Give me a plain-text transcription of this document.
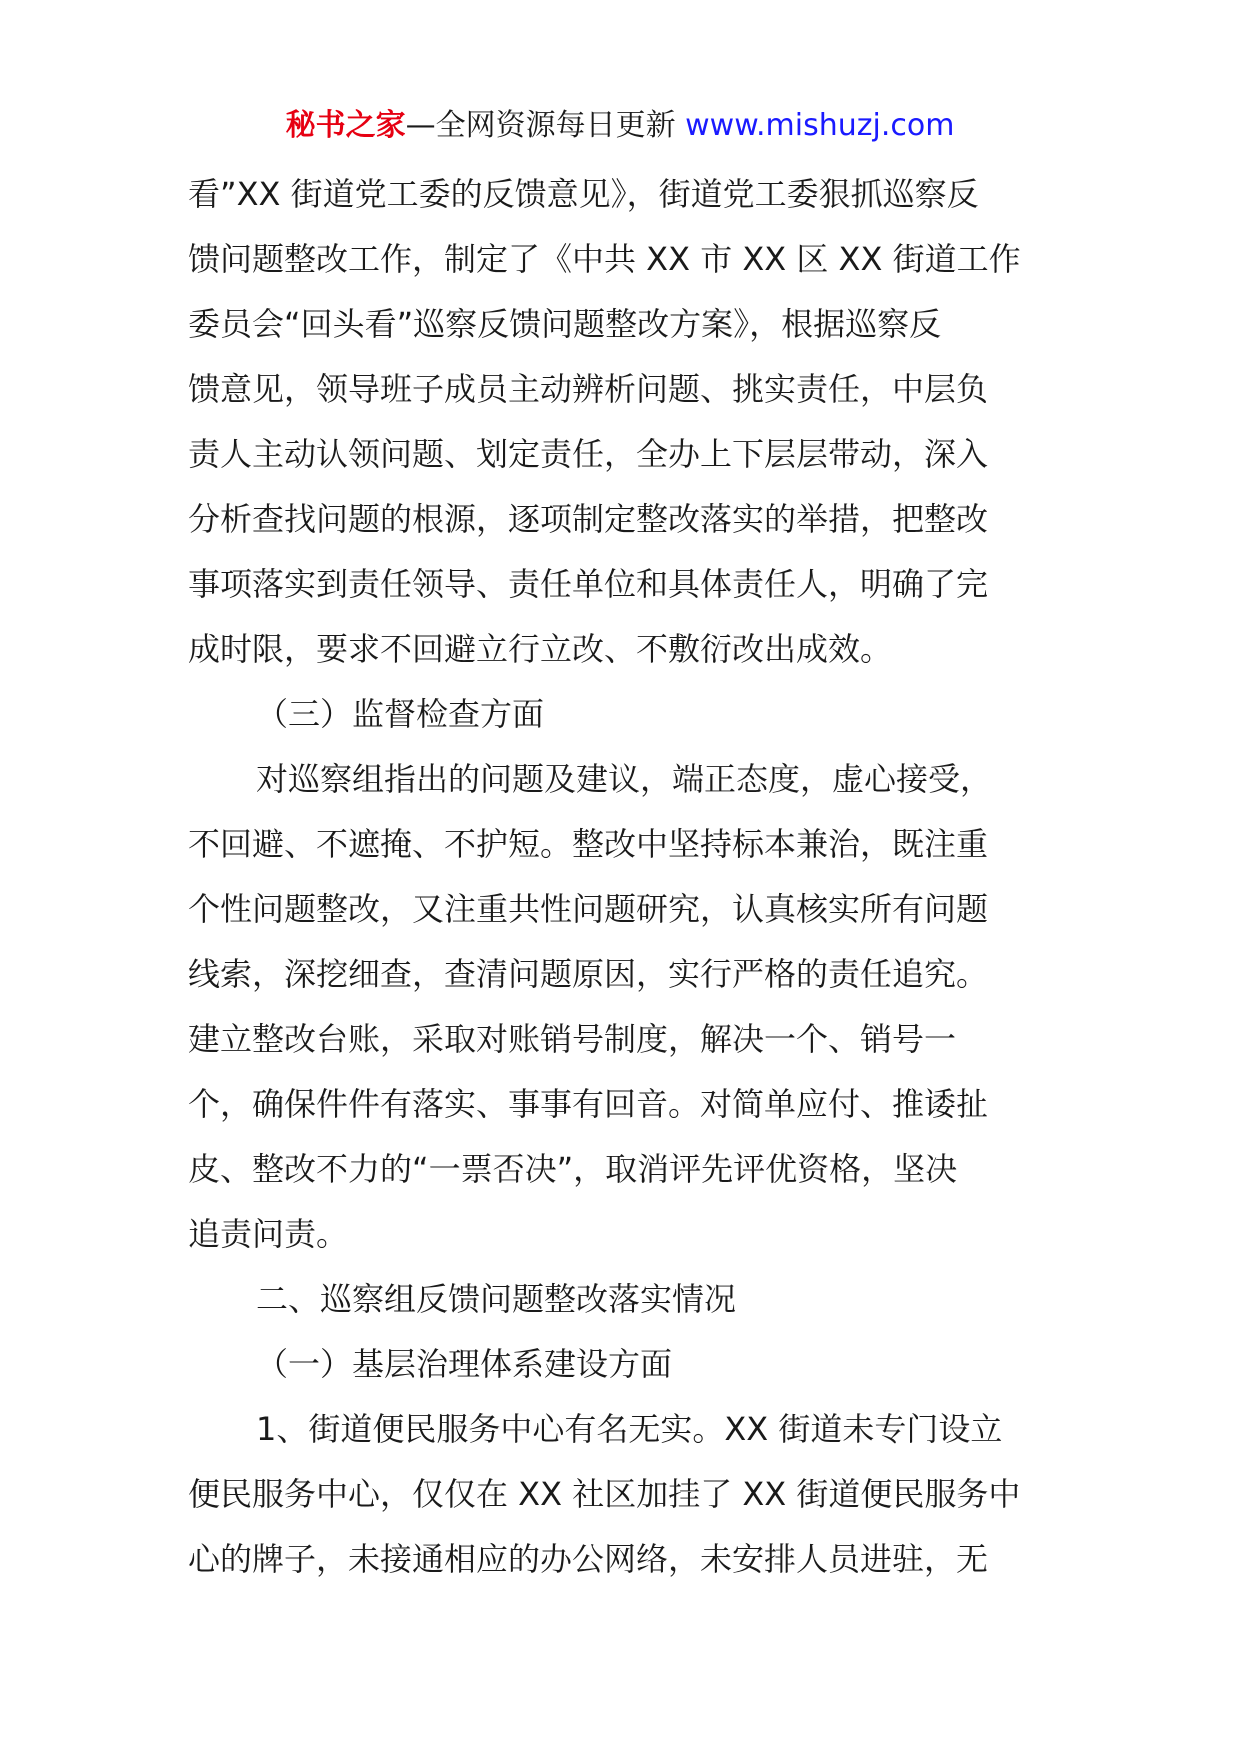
秘书之家—全网资源每日更新 www.mishuzj.com
看”XX 街道党工委的反馈意见》，街道党工委狠抓巡察反
馈问题整改工作，制定了《中共 XX 市 XX 区 XX 街道工作
委员会“回头看”巡察反馈问题整改方案》，根据巡察反
馈意见，领导班子成员主动辨析问题、挑实责任，中层负
责人主动认领问题、划定责任，全办上下层层带动，深入
分析查找问题的根源，逐项制定整改落实的举措，把整改
事项落实到责任领导、责任单位和具体责任人，明确了完
成时限，要求不回避立行立改、不敷衍改出成效。
（三）监督检查方面
对巡察组指出的问题及建议，端正态度，虚心接受，
不回避、不遮掩、不护短。整改中坚持标本兼治，既注重
个性问题整改，又注重共性问题研究，认真核实所有问题
线索，深挖细查，查清问题原因，实行严格的责任追究。
建立整改台账，采取对账销号制度，解决一个、销号一
个，确保件件有落实、事事有回音。对简单应付、推诿扯
皮、整改不力的“一票否决”，取消评先评优资格，坚决
追责问责。
二、巡察组反馈问题整改落实情况
（一）基层治理体系建设方面
1、街道便民服务中心有名无实。XX 街道未专门设立
便民服务中心，仅仅在 XX 社区加挂了 XX 街道便民服务中
心的牌子，未接通相应的办公网络，未安排人员进驻，无
